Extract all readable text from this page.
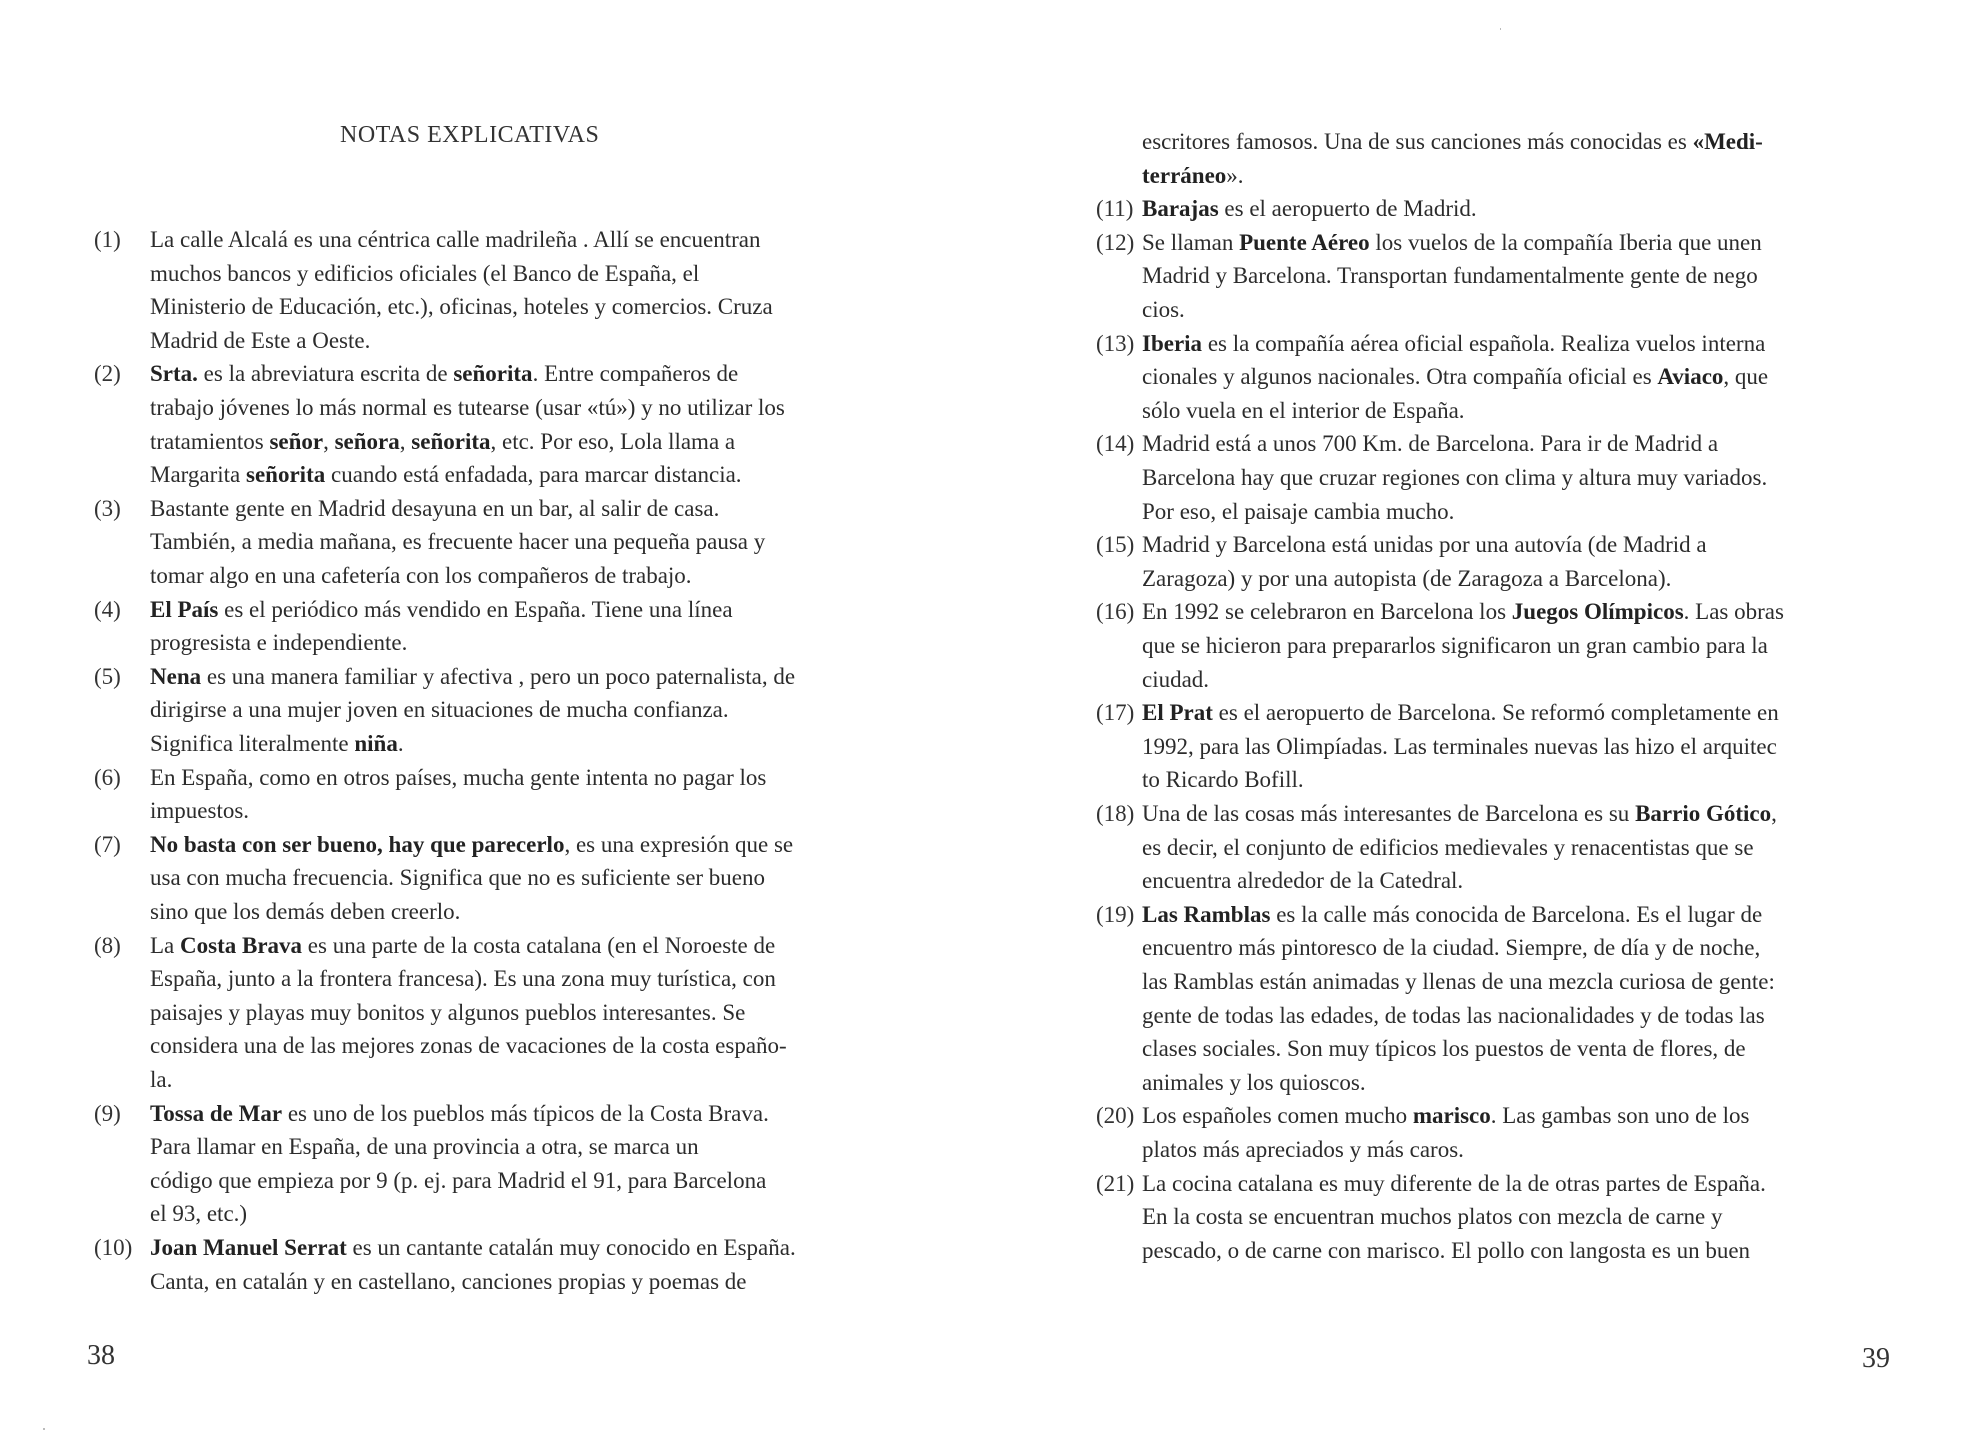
NOTAS EXPLICATIVAS
(1) La calle Alcalá es una céntrica calle madrileña . Allí se encuentran
muchos bancos y edificios oficiales (el Banco de España, el
Ministerio de Educación, etc.), oficinas, hoteles y comercios. Cruza
Madrid de Este a Oeste.
(2) Srta. es la abreviatura escrita de señorita. Entre compañeros de
trabajo jóvenes lo más normal es tutearse (usar «tú») y no utilizar los
tratamientos señor, señora, señorita, etc. Por eso, Lola llama a
Margarita señorita cuando está enfadada, para marcar distancia.
(3) Bastante gente en Madrid desayuna en un bar, al salir de casa.
También, a media mañana, es frecuente hacer una pequeña pausa y
tomar algo en una cafetería con los compañeros de trabajo.
(4) El País es el periódico más vendido en España. Tiene una línea
progresista e independiente.
(5) Nena es una manera familiar y afectiva , pero un poco paternalista, de
dirigirse a una mujer joven en situaciones de mucha confianza.
Significa literalmente niña.
(6) En España, como en otros países, mucha gente intenta no pagar los
impuestos.
(7) No basta con ser bueno, hay que parecerlo, es una expresión que se
usa con mucha frecuencia. Significa que no es suficiente ser bueno
sino que los demás deben creerlo.
(8) La Costa Brava es una parte de la costa catalana (en el Noroeste de
España, junto a la frontera francesa). Es una zona muy turística, con
paisajes y playas muy bonitos y algunos pueblos interesantes. Se
considera una de las mejores zonas de vacaciones de la costa españo-
la.
(9) Tossa de Mar es uno de los pueblos más típicos de la Costa Brava.
Para llamar en España, de una provincia a otra, se marca un
código que empieza por 9 (p. ej. para Madrid el 91, para Barcelona
el 93, etc.)
(10) Joan Manuel Serrat es un cantante catalán muy conocido en España.
Canta, en catalán y en castellano, canciones propias y poemas de
38
escritores famosos. Una de sus canciones más conocidas es «Medi-
terráneo».
(11) Barajas es el aeropuerto de Madrid.
(12) Se llaman Puente Aéreo los vuelos de la compañía Iberia que unen
Madrid y Barcelona. Transportan fundamentalmente gente de nego
cios.
(13) Iberia es la compañía aérea oficial española. Realiza vuelos interna
cionales y algunos nacionales. Otra compañía oficial es Aviaco, que
sólo vuela en el interior de España.
(14) Madrid está a unos 700 Km. de Barcelona. Para ir de Madrid a
Barcelona hay que cruzar regiones con clima y altura muy variados.
Por eso, el paisaje cambia mucho.
(15) Madrid y Barcelona está unidas por una autovía (de Madrid a
Zaragoza) y por una autopista (de Zaragoza a Barcelona).
(16) En 1992 se celebraron en Barcelona los Juegos Olímpicos. Las obras
que se hicieron para prepararlos significaron un gran cambio para la
ciudad.
(17) El Prat es el aeropuerto de Barcelona. Se reformó completamente en
1992, para las Olimpíadas. Las terminales nuevas las hizo el arquitec
to Ricardo Bofill.
(18) Una de las cosas más interesantes de Barcelona es su Barrio Gótico,
es decir, el conjunto de edificios medievales y renacentistas que se
encuentra alrededor de la Catedral.
(19) Las Ramblas es la calle más conocida de Barcelona. Es el lugar de
encuentro más pintoresco de la ciudad. Siempre, de día y de noche,
las Ramblas están animadas y llenas de una mezcla curiosa de gente:
gente de todas las edades, de todas las nacionalidades y de todas las
clases sociales. Son muy típicos los puestos de venta de flores, de
animales y los quioscos.
(20) Los españoles comen mucho marisco. Las gambas son uno de los
platos más apreciados y más caros.
(21) La cocina catalana es muy diferente de la de otras partes de España.
En la costa se encuentran muchos platos con mezcla de carne y
pescado, o de carne con marisco. El pollo con langosta es un buen
39
